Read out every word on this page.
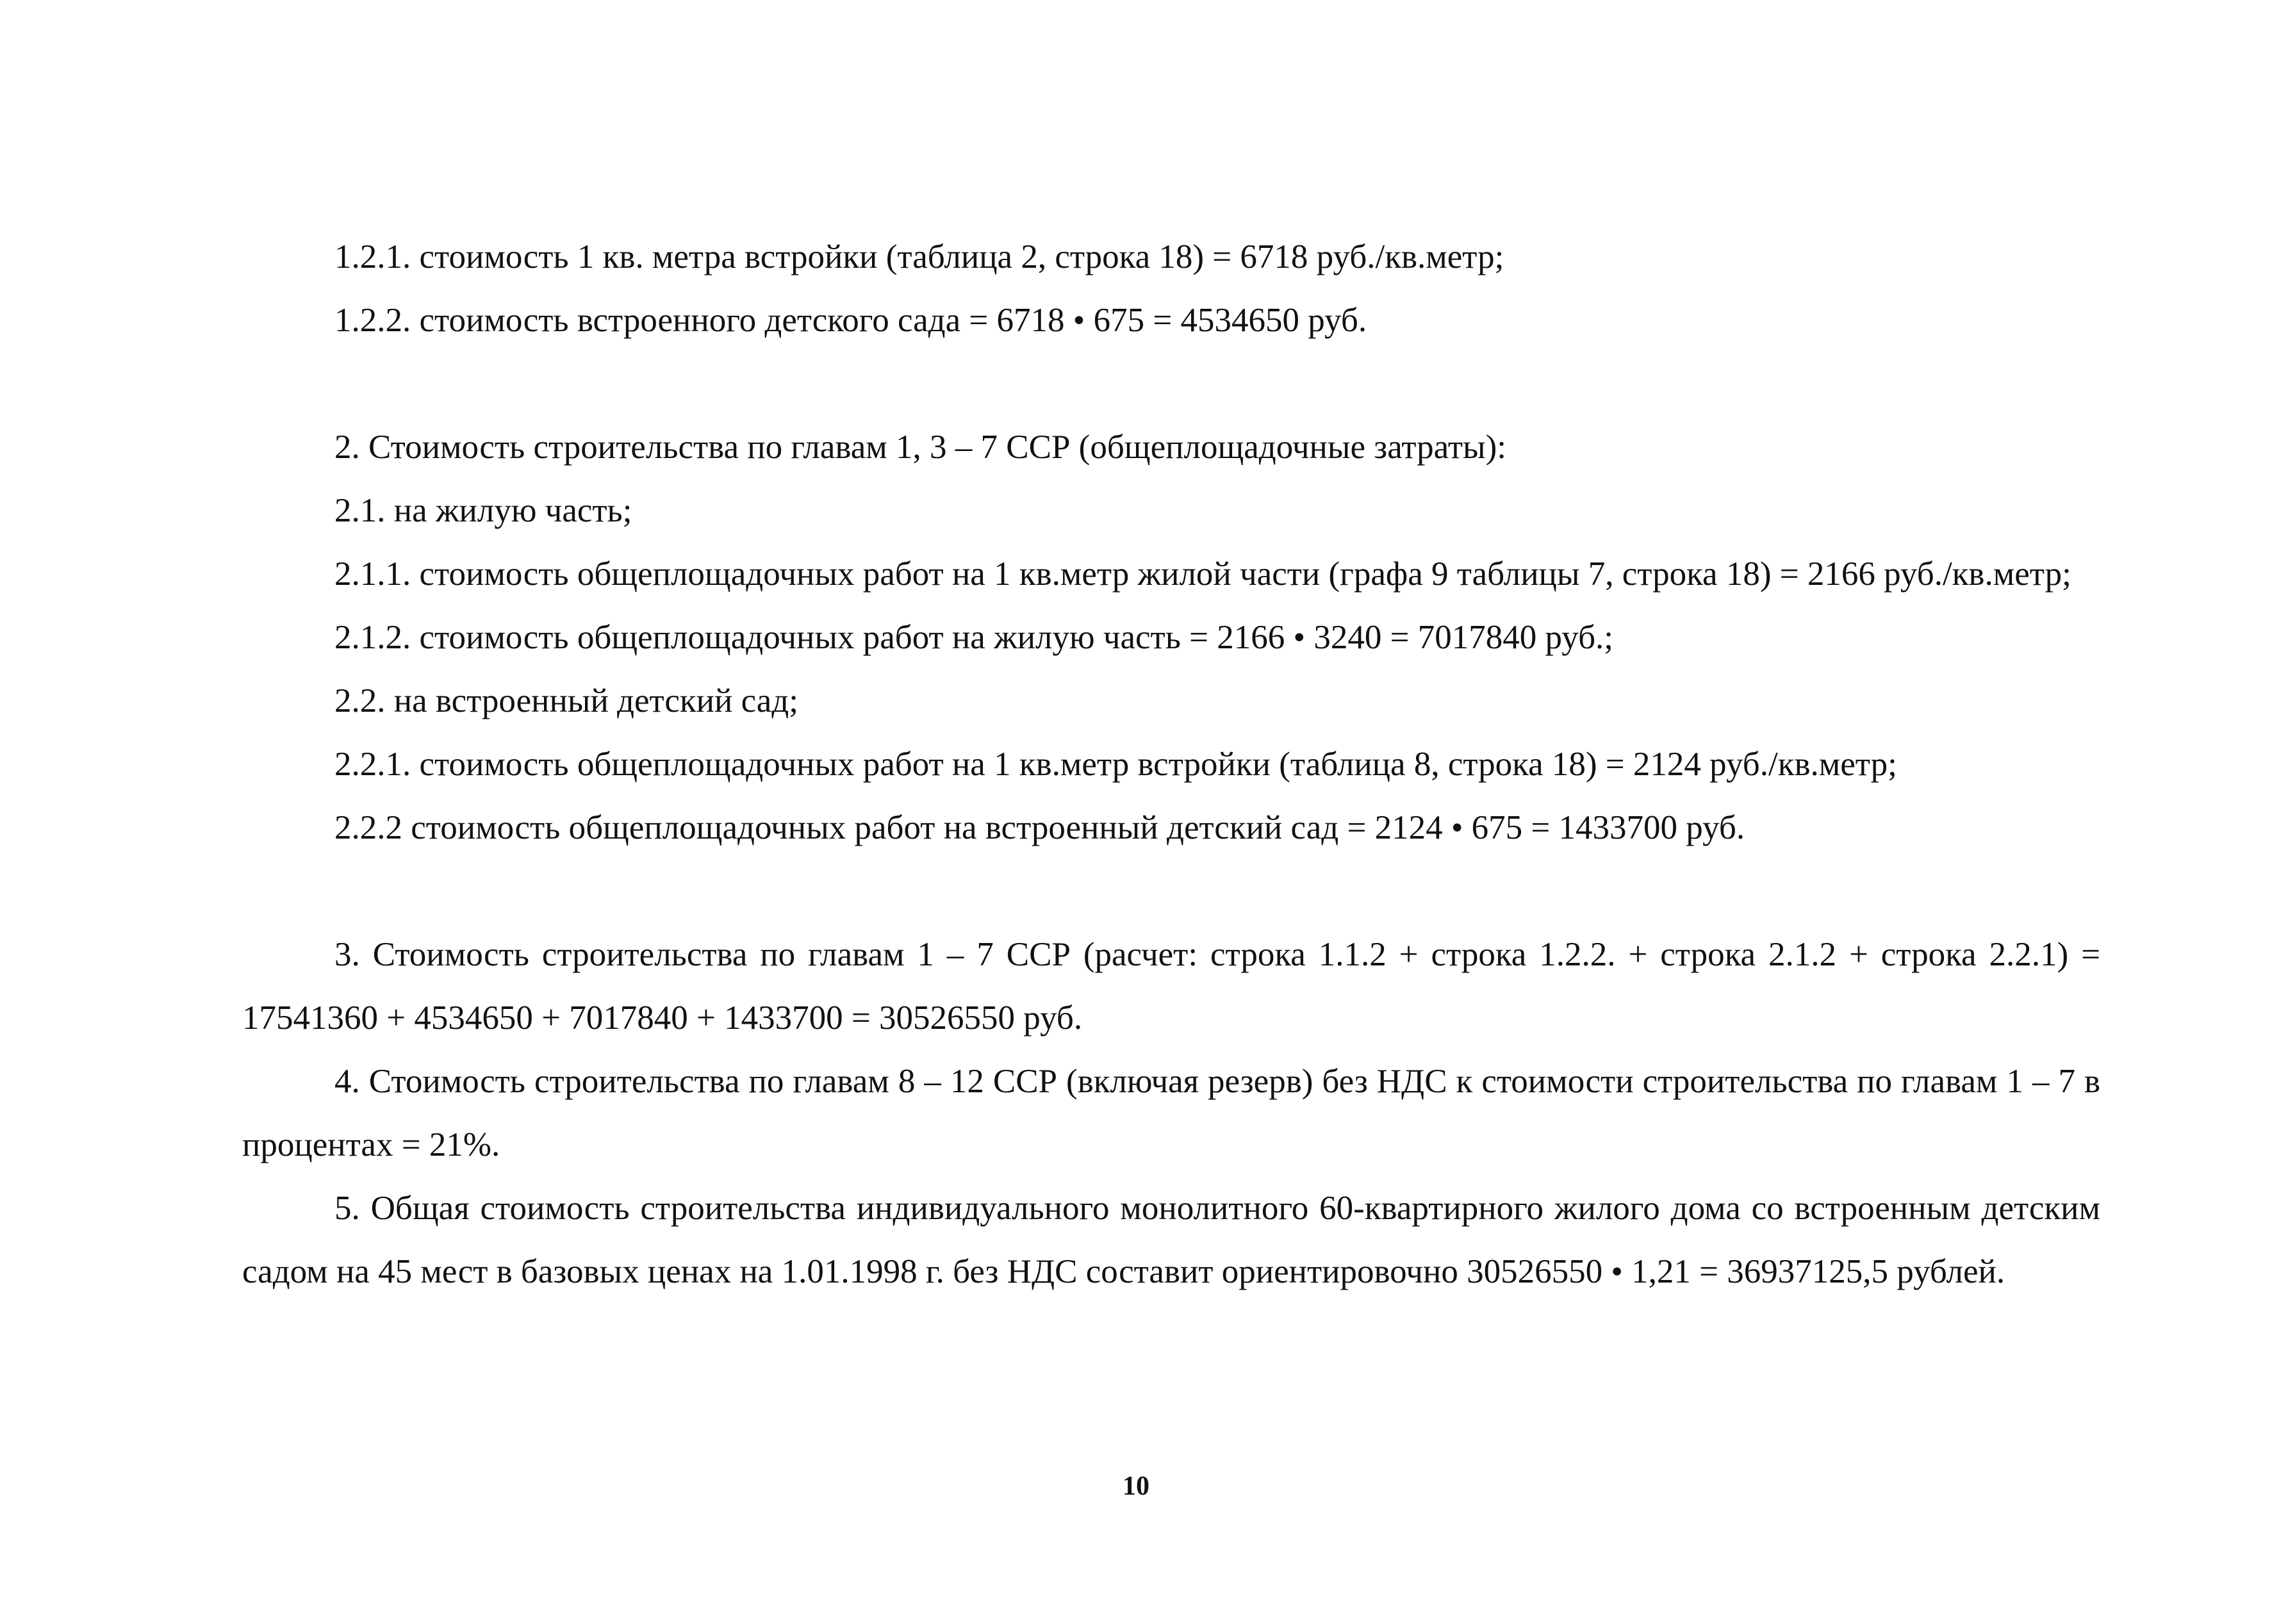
1.2.1. стоимость 1 кв. метра встройки (таблица 2, строка 18) = 6718 руб./кв.метр;

1.2.2. стоимость встроенного детского сада = 6718 • 675 = 4534650 руб.

2. Стоимость строительства по главам 1, 3 – 7 ССР (общеплощадочные затраты):

2.1. на жилую часть;

2.1.1. стоимость общеплощадочных работ на 1 кв.метр жилой части (графа 9 таблицы 7, строка 18) = 2166 руб./кв.метр;

2.1.2. стоимость общеплощадочных работ на жилую часть = 2166 • 3240 = 7017840 руб.;

2.2. на встроенный детский сад;

2.2.1. стоимость общеплощадочных работ на 1 кв.метр встройки (таблица 8, строка 18) = 2124 руб./кв.метр;

2.2.2 стоимость общеплощадочных работ на встроенный детский сад = 2124 • 675 = 1433700 руб.

3. Стоимость строительства по главам 1 – 7 ССР (расчет: строка 1.1.2 + строка 1.2.2. + строка 2.1.2 + строка 2.2.1) = 17541360 + 4534650 + 7017840 + 1433700 = 30526550 руб.

4. Стоимость строительства по главам 8 – 12 ССР (включая резерв) без НДС к стоимости строительства по главам 1 – 7 в процентах = 21%.

5. Общая стоимость строительства индивидуального монолитного 60-квартирного жилого дома со встроенным детским садом на 45 мест в базовых ценах на 1.01.1998 г. без НДС составит ориентировочно 30526550 • 1,21 = 36937125,5 рублей.

10
